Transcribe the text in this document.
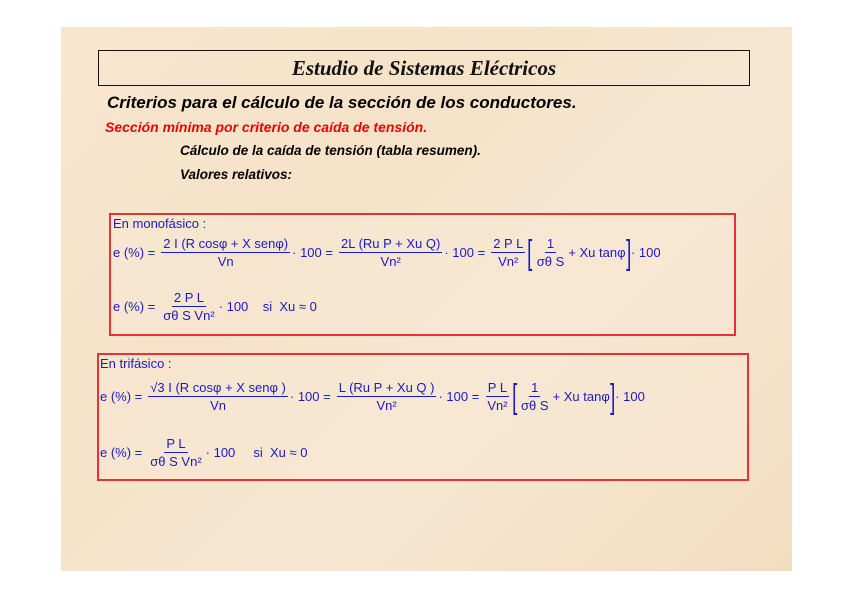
Estudio de Sistemas Eléctricos
Criterios para el cálculo de la sección de los conductores.
Sección mínima por criterio de caída de tensión.
Cálculo de la caída de tensión (tabla resumen).
Valores relativos:
En monofásico :
e (%) = $\frac{\text{2 I (R cosφ + X senφ)}}{Vn} \cdot 100 = \frac{\text{2L (Ru P + Xu Q)}}{\text{Vn²}} \cdot 100 = \frac{\text{2 P L}}{\text{Vn²}}$ [ $\frac{1}{\text{σθ S}} + Xu$ tanφ ] · 100
e (%) = $\frac{\text{2 P L}}{\text{σθ S Vn²}} \cdot 100$    si  Xu ≈ 0
En trifásico :
e (%) = $\frac{\text{√3 I (R cosφ + X senφ )}}{Vn} \cdot 100 = \frac{\text{L (Ru P + Xu Q )}}{\text{Vn²}} \cdot 100 = \frac{\text{P L}}{\text{Vn²}}$ [ $\frac{1}{\text{σθ S}} + Xu$ tanφ ] · 100
e (%) = $\frac{\text{P L}}{\text{σθ S Vn²}} \cdot 100$     si  Xu ≈ 0
